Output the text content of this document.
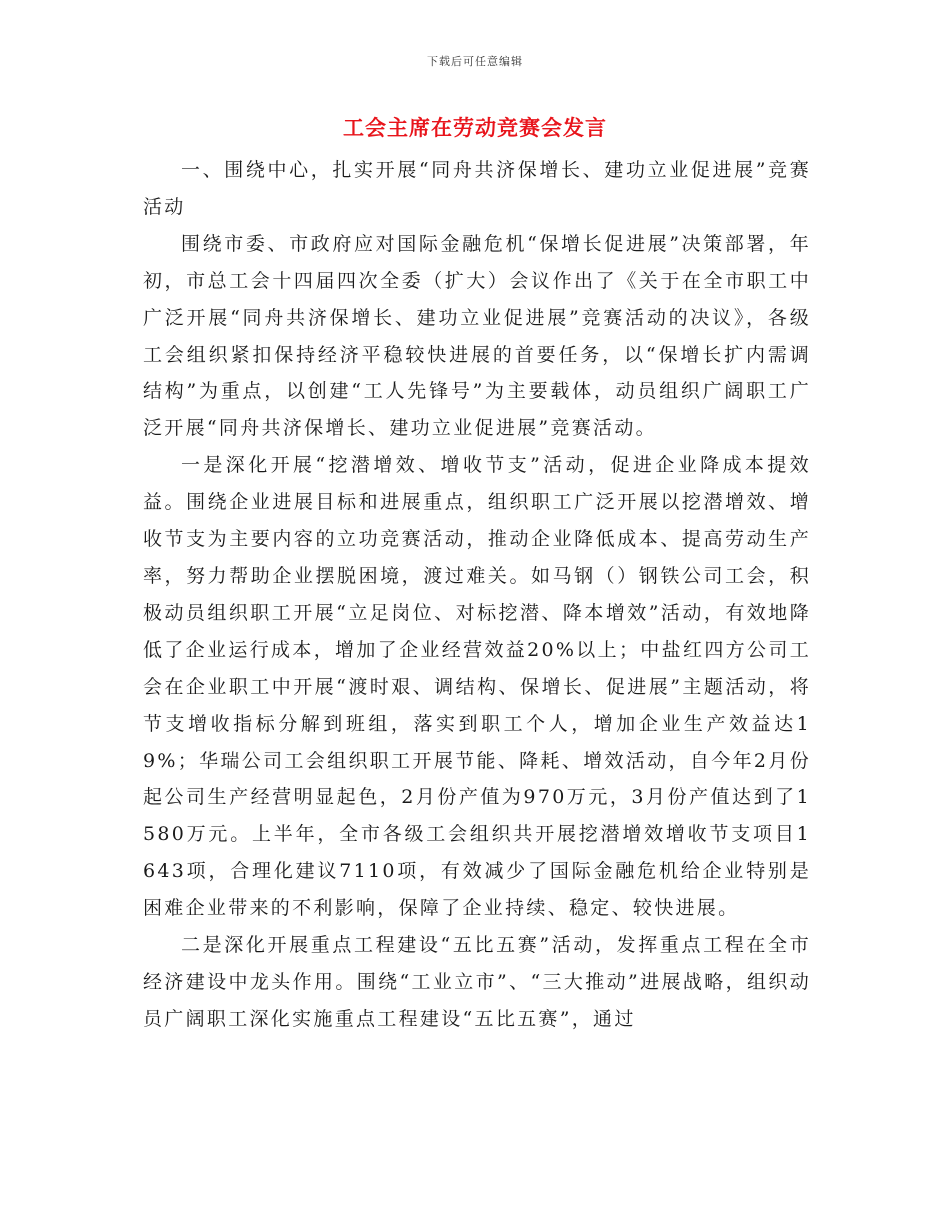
下载后可任意编辑
工会主席在劳动竞赛会发言

一、围绕中心，扎实开展“同舟共济保增长、建功立业促进展”竞赛活动

围绕市委、市政府应对国际金融危机“保增长促进展”决策部署，年初，市总工会十四届四次全委（扩大）会议作出了《关于在全市职工中广泛开展“同舟共济保增长、建功立业促进展”竞赛活动的决议》，各级工会组织紧扣保持经济平稳较快进展的首要任务，以“保增长扩内需调结构”为重点，以创建“工人先锋号”为主要载体，动员组织广阔职工广泛开展“同舟共济保增长、建功立业促进展”竞赛活动。

一是深化开展“挖潜增效、增收节支”活动，促进企业降成本提效益。围绕企业进展目标和进展重点，组织职工广泛开展以挖潜增效、增收节支为主要内容的立功竞赛活动，推动企业降低成本、提高劳动生产率，努力帮助企业摆脱困境，渡过难关。如马钢（）钢铁公司工会，积极动员组织职工开展“立足岗位、对标挖潜、降本增效”活动，有效地降低了企业运行成本，增加了企业经营效益20%以上；中盐红四方公司工会在企业职工中开展“渡时艰、调结构、保增长、促进展”主题活动，将节支增收指标分解到班组，落实到职工个人，增加企业生产效益达19%；华瑞公司工会组织职工开展节能、降耗、增效活动，自今年2月份起公司生产经营明显起色，2月份产值为970万元，3月份产值达到了1580万元。上半年，全市各级工会组织共开展挖潜增效增收节支项目1643项，合理化建议7110项，有效减少了国际金融危机给企业特别是困难企业带来的不利影响，保障了企业持续、稳定、较快进展。

二是深化开展重点工程建设“五比五赛”活动，发挥重点工程在全市经济建设中龙头作用。围绕“工业立市”、“三大推动”进展战略，组织动员广阔职工深化实施重点工程建设“五比五赛”，通过
